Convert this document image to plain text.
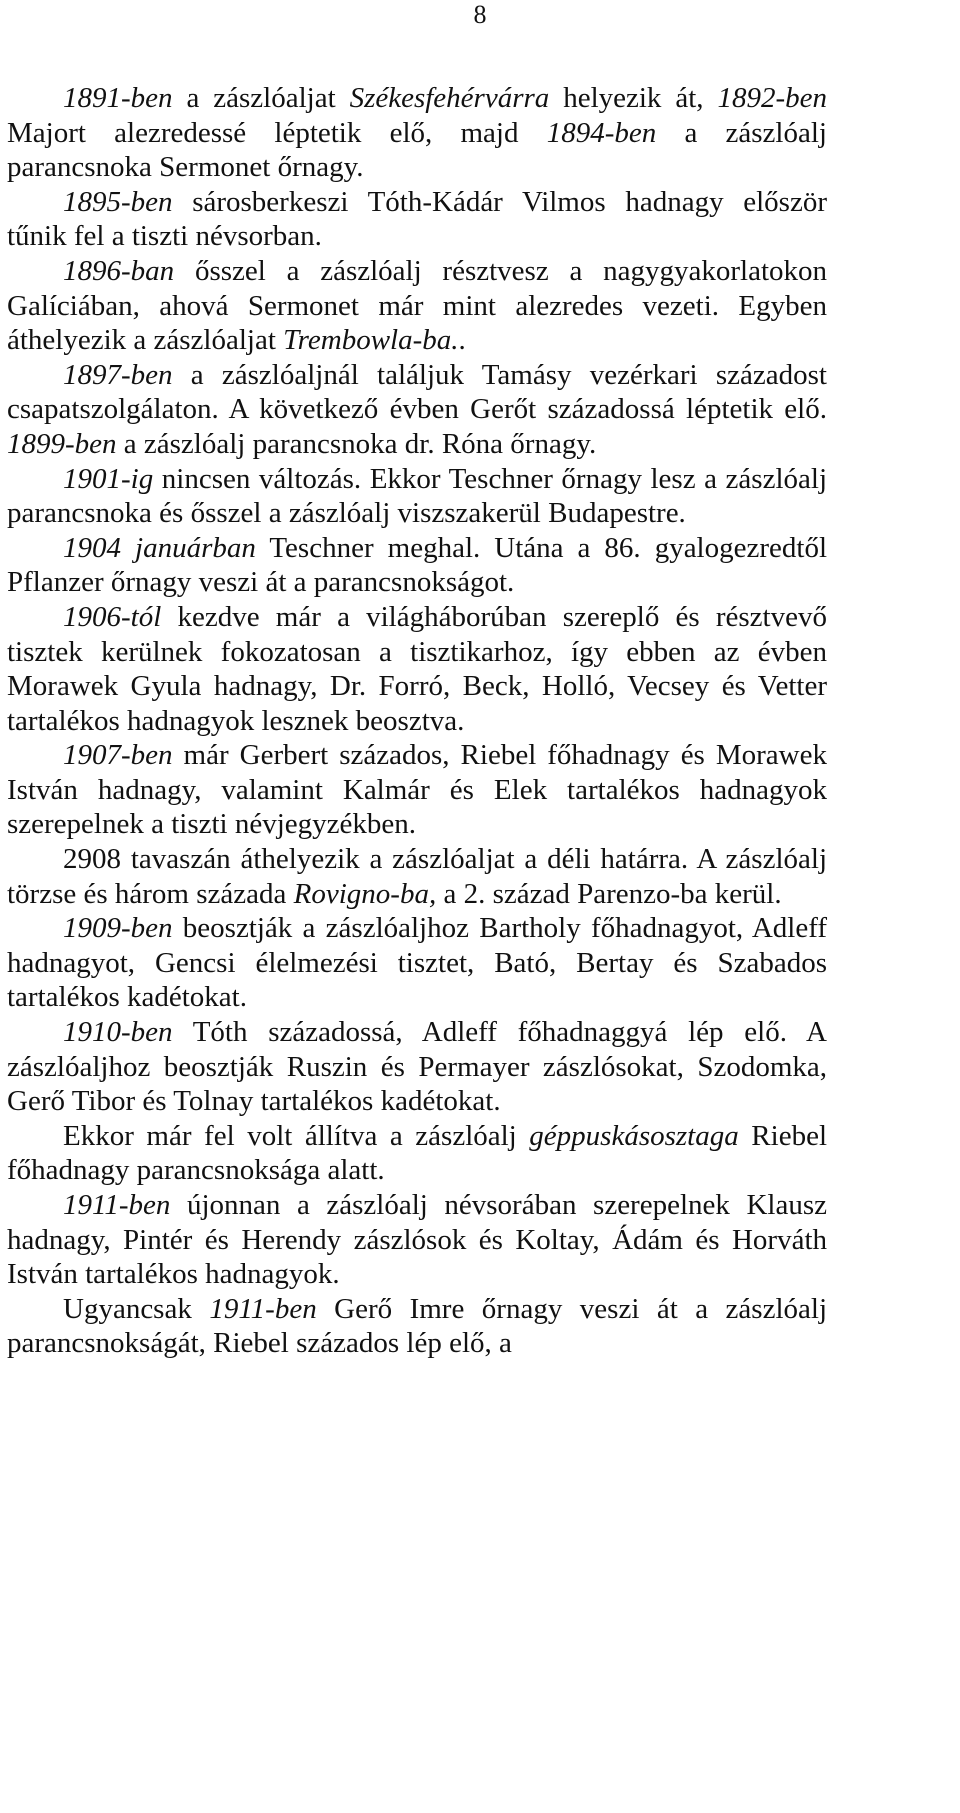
8

1891-ben a zászlóaljat Székesfehérvárra helyezik át, 1892-ben Majort alezredessé léptetik elő, majd 1894-ben a zászlóalj parancsnoka Sermonet őrnagy.

1895-ben sárosberkeszi Tóth-Kádár Vilmos hadnagy először tűnik fel a tiszti névsorban.

1896-ban ősszel a zászlóalj résztvesz a nagygyakorlatokon Galíciában, ahová Sermonet már mint alezredes vezeti. Egyben áthelyezik a zászlóaljat Trembowla-ba..

1897-ben a zászlóaljnál találjuk Tamásy vezérkari századost csapatszolgálaton. A következő évben Gerőt századossá léptetik elő. 1899-ben a zászlóalj parancsnoka dr. Róna őrnagy.

1901-ig nincsen változás. Ekkor Teschner őrnagy lesz a zászlóalj parancsnoka és ősszel a zászlóalj viszszakerül Budapestre.

1904 januárban Teschner meghal. Utána a 86. gyalogezredtől Pflanzer őrnagy veszi át a parancsnokságot.

1906-tól kezdve már a világháborúban szereplő és résztvevő tisztek kerülnek fokozatosan a tisztikarhoz, így ebben az évben Morawek Gyula hadnagy, Dr. Forró, Beck, Holló, Vecsey és Vetter tartalékos hadnagyok lesznek beosztva.

1907-ben már Gerbert százados, Riebel főhadnagy és Morawek István hadnagy, valamint Kalmár és Elek tartalékos hadnagyok szerepelnek a tiszti névjegyzékben.

2908 tavaszán áthelyezik a zászlóaljat a déli határra. A zászlóalj törzse és három százada Rovigno-ba, a 2. század Parenzo-ba kerül.

1909-ben beosztják a zászlóaljhoz Bartholy főhadnagyot, Adleff hadnagyot, Gencsi élelmezési tisztet, Bató, Bertay és Szabados tartalékos kadétokat.

1910-ben Tóth századossá, Adleff főhadnaggyá lép elő. A zászlóaljhoz beosztják Ruszin és Permayer zászlósokat, Szodomka, Gerő Tibor és Tolnay tartalékos kadétokat.

Ekkor már fel volt állítva a zászlóalj géppuskásosztaga Riebel főhadnagy parancsnoksága alatt.

1911-ben újonnan a zászlóalj névsorában szerepelnek Klausz hadnagy, Pintér és Herendy zászlósok és Koltay, Ádám és Horváth István tartalékos hadnagyok.

Ugyancsak 1911-ben Gerő Imre őrnagy veszi át a zászlóalj parancsnokságát, Riebel százados lép elő, a
